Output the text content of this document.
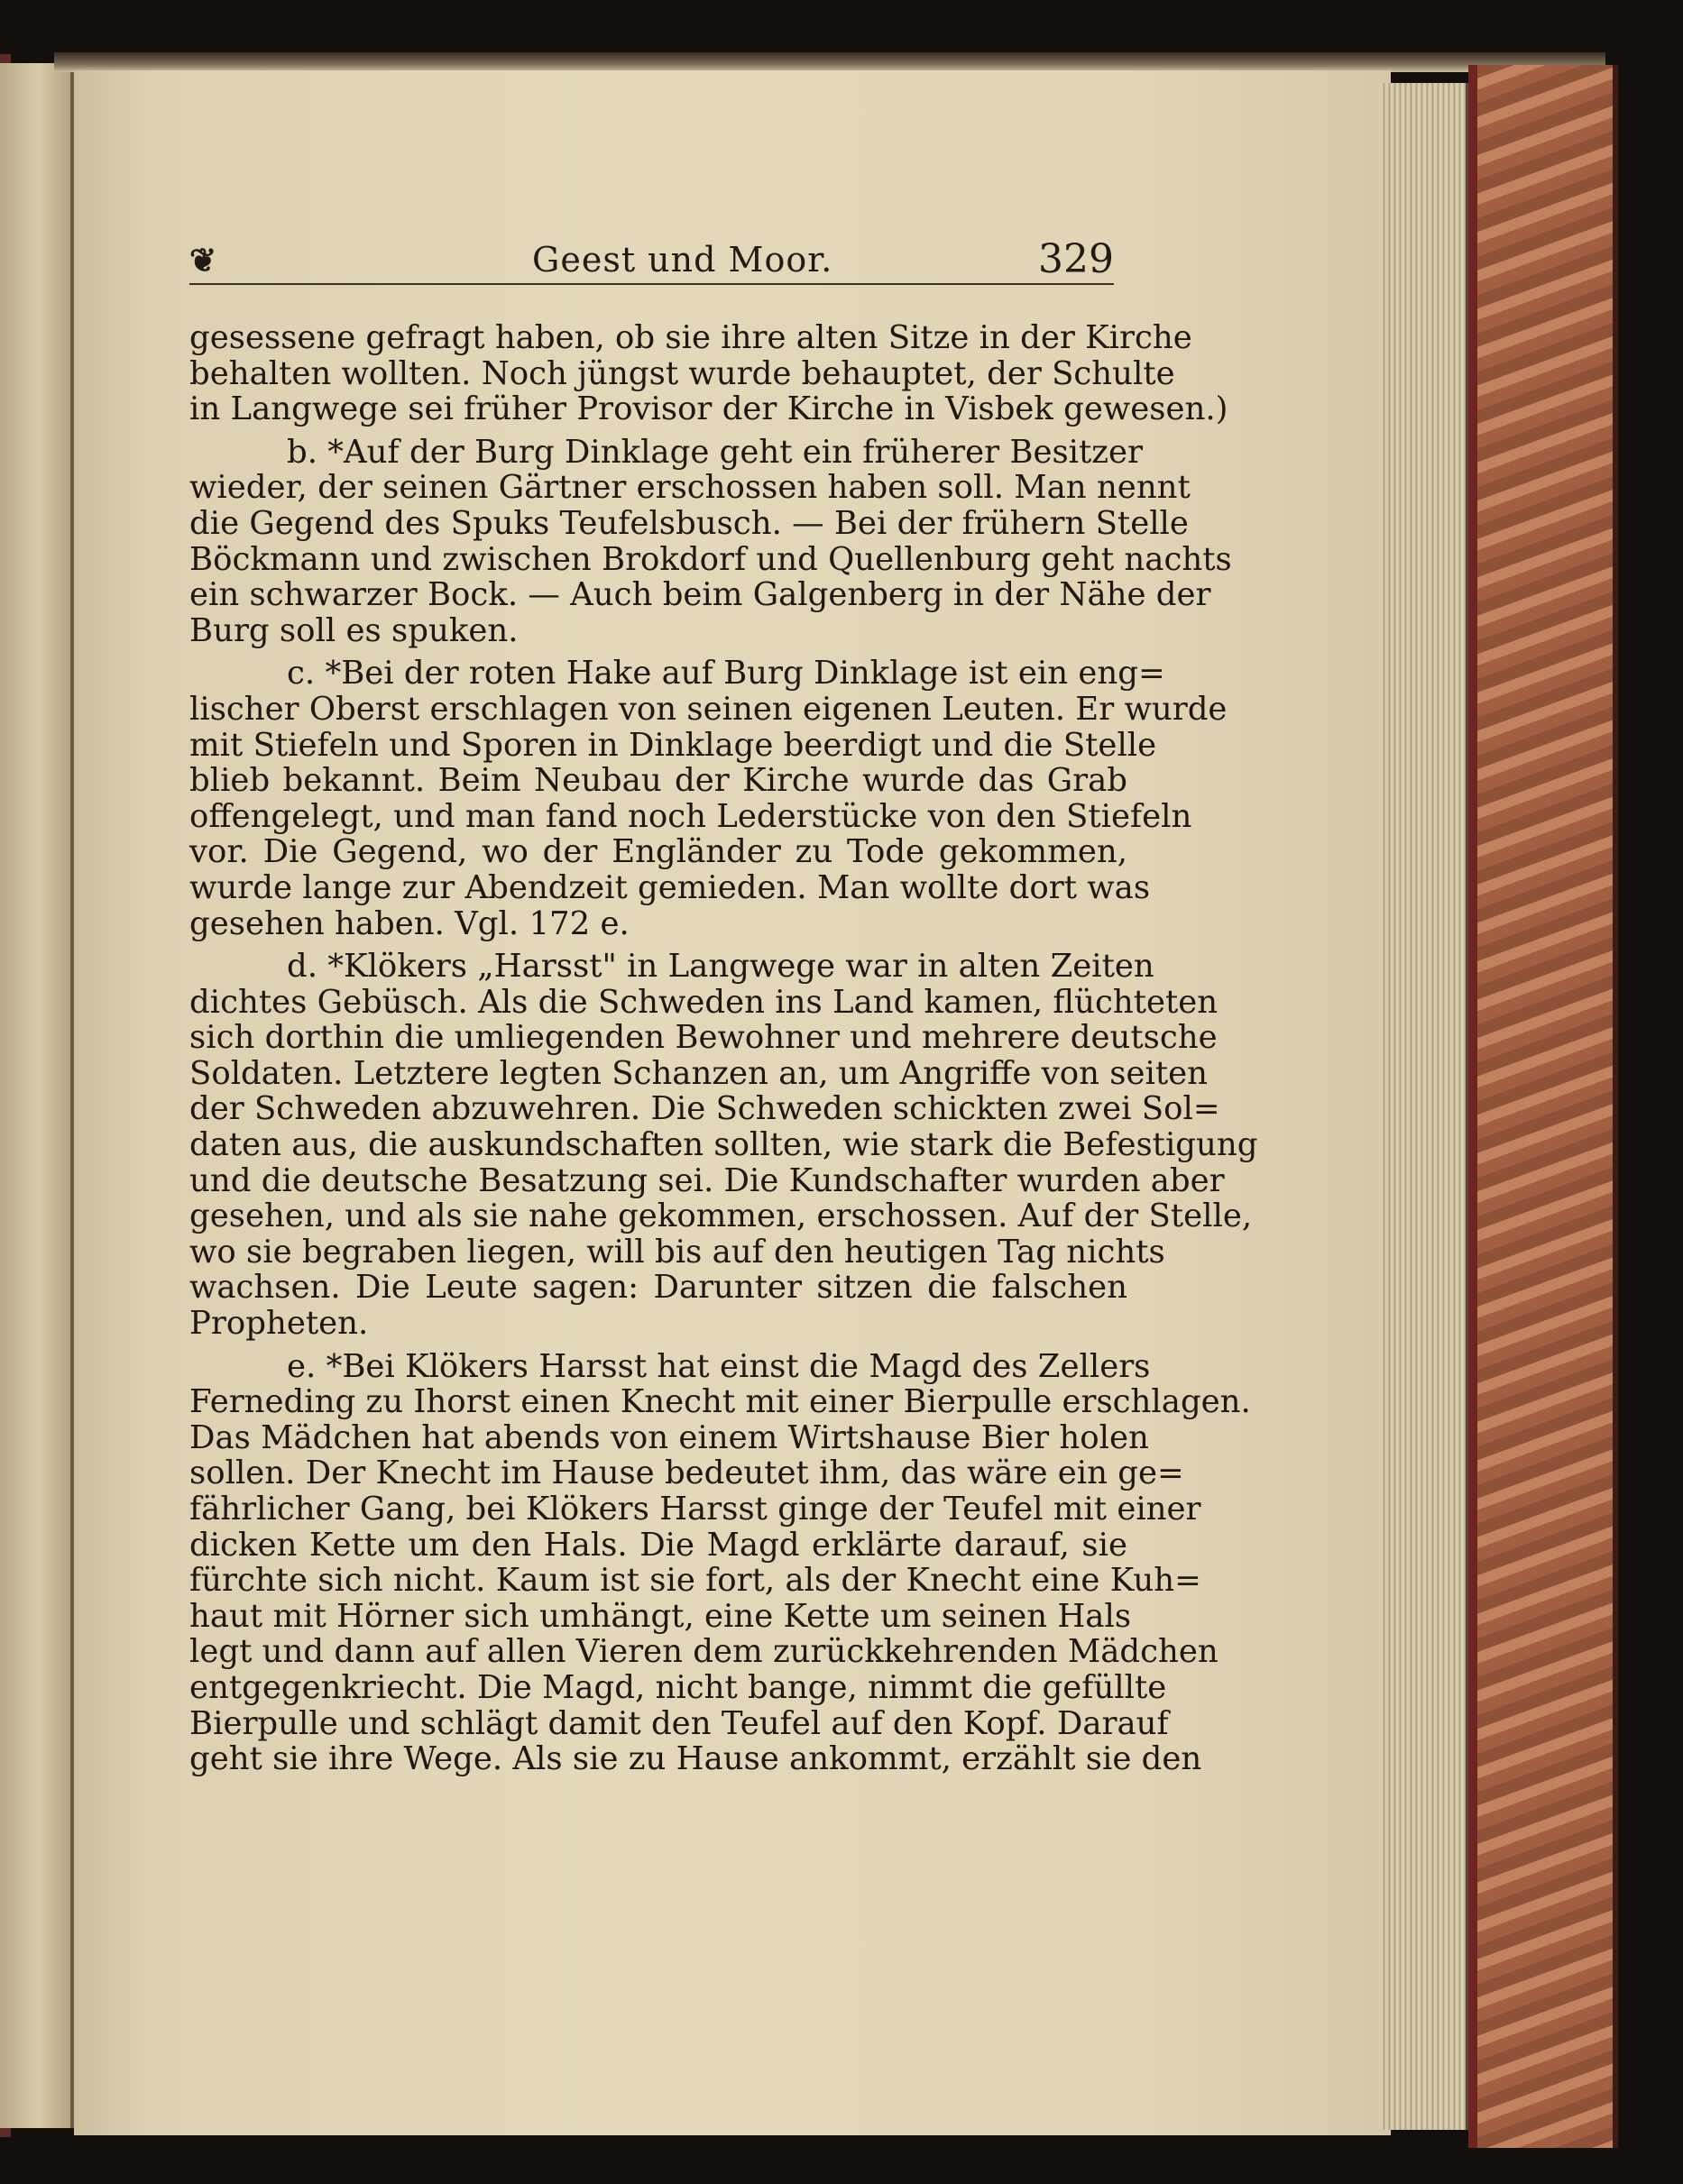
❦	Geest und Moor.	329
gesessene gefragt haben, ob sie ihre alten Sitze in der Kirche
behalten wollten. Noch jüngst wurde behauptet, der Schulte
in Langwege sei früher Provisor der Kirche in Visbek gewesen.)
b. *Auf der Burg Dinklage geht ein früherer Besitzer
wieder, der seinen Gärtner erschossen haben soll. Man nennt
die Gegend des Spuks Teufelsbusch. — Bei der frühern Stelle
Böckmann und zwischen Brokdorf und Quellenburg geht nachts
ein schwarzer Bock. — Auch beim Galgenberg in der Nähe der
Burg soll es spuken.
c. *Bei der roten Hake auf Burg Dinklage ist ein eng=
lischer Oberst erschlagen von seinen eigenen Leuten. Er wurde
mit Stiefeln und Sporen in Dinklage beerdigt und die Stelle
blieb bekannt. Beim Neubau der Kirche wurde das Grab
offengelegt, und man fand noch Lederstücke von den Stiefeln
vor. Die Gegend, wo der Engländer zu Tode gekommen,
wurde lange zur Abendzeit gemieden. Man wollte dort was
gesehen haben. Vgl. 172 e.
d. *Klökers „Harsst" in Langwege war in alten Zeiten
dichtes Gebüsch. Als die Schweden ins Land kamen, flüchteten
sich dorthin die umliegenden Bewohner und mehrere deutsche
Soldaten. Letztere legten Schanzen an, um Angriffe von seiten
der Schweden abzuwehren. Die Schweden schickten zwei Sol=
daten aus, die auskundschaften sollten, wie stark die Befestigung
und die deutsche Besatzung sei. Die Kundschafter wurden aber
gesehen, und als sie nahe gekommen, erschossen. Auf der Stelle,
wo sie begraben liegen, will bis auf den heutigen Tag nichts
wachsen. Die Leute sagen: Darunter sitzen die falschen
Propheten.
e. *Bei Klökers Harsst hat einst die Magd des Zellers
Ferneding zu Ihorst einen Knecht mit einer Bierpulle erschlagen.
Das Mädchen hat abends von einem Wirtshause Bier holen
sollen. Der Knecht im Hause bedeutet ihm, das wäre ein ge=
fährlicher Gang, bei Klökers Harsst ginge der Teufel mit einer
dicken Kette um den Hals. Die Magd erklärte darauf, sie
fürchte sich nicht. Kaum ist sie fort, als der Knecht eine Kuh=
haut mit Hörner sich umhängt, eine Kette um seinen Hals
legt und dann auf allen Vieren dem zurückkehrenden Mädchen
entgegenkriecht. Die Magd, nicht bange, nimmt die gefüllte
Bierpulle und schlägt damit den Teufel auf den Kopf. Darauf
geht sie ihre Wege. Als sie zu Hause ankommt, erzählt sie den
